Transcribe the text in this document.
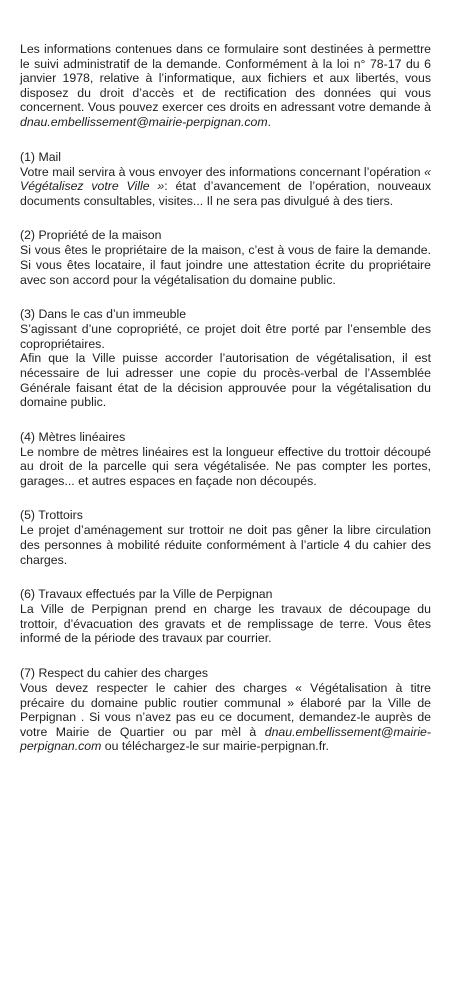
Les informations contenues dans ce formulaire sont destinées à permettre le suivi administratif de la demande. Conformément à la loi n° 78-17 du 6 janvier 1978, relative à l’informatique, aux fichiers et aux libertés, vous disposez du droit d’accès et de rectification des données qui vous concernent. Vous pouvez exercer ces droits en adressant votre demande à dnau.embellissement@mairie-perpignan.com.

(1) Mail

Votre mail servira à vous envoyer des informations concernant l’opération « Végétalisez votre Ville »: état d’avancement de l’opération, nouveaux documents consultables, visites... Il ne sera pas divulgué à des tiers.

(2) Propriété de la maison

Si vous êtes le propriétaire de la maison, c’est à vous de faire la demande. Si vous êtes locataire, il faut joindre une attestation écrite du propriétaire avec son accord pour la végétalisation du domaine public.

(3) Dans le cas d’un immeuble

S’agissant d’une copropriété, ce projet doit être porté par l’ensemble des copropriétaires.

Afin que la Ville puisse accorder l’autorisation de végétalisation, il est nécessaire de lui adresser une copie du procès-verbal de l’Assemblée Générale faisant état de la décision approuvée pour la végétalisation du domaine public.

(4) Mètres linéaires

Le nombre de mètres linéaires est la longueur effective du trottoir découpé au droit de la parcelle qui sera végétalisée. Ne pas compter les portes, garages... et autres espaces en façade non découpés.

(5) Trottoirs

Le projet d’aménagement sur trottoir ne doit pas gêner la libre circulation des personnes à mobilité réduite conformément à l’article 4 du cahier des charges.

(6) Travaux effectués par la Ville de Perpignan

La Ville de Perpignan prend en charge les travaux de découpage du trottoir, d’évacuation des gravats et de remplissage de terre. Vous êtes informé de la période des travaux par courrier.

(7) Respect du cahier des charges

Vous devez respecter le cahier des charges « Végétalisation à titre précaire du domaine public routier communal » élaboré par la Ville de Perpignan . Si vous n’avez pas eu ce document, demandez-le auprès de votre Mairie de Quartier ou par mèl à dnau.embellissement@mairie-perpignan.com ou téléchargez-le sur mairie-perpignan.fr.
